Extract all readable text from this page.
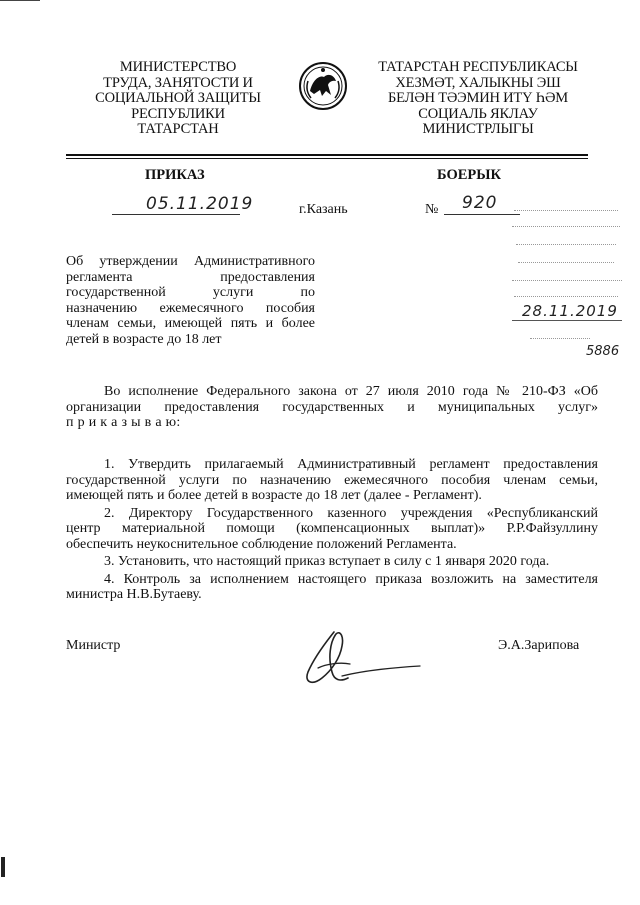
МИНИСТЕРСТВО
ТРУДА, ЗАНЯТОСТИ И
СОЦИАЛЬНОЙ ЗАЩИТЫ
РЕСПУБЛИКИ
ТАТАРСТАН
ТАТАРСТАН РЕСПУБЛИКАСЫ
ХЕЗМӘТ, ХАЛЫКНЫ ЭШ
БЕЛӘН ТӘЭМИН ИТҮ ҺӘМ
СОЦИАЛЬ ЯКЛАУ
МИНИСТРЛЫГЫ
ПРИКАЗ	БОЕРЫК
05.11.2019	г.Казань	№ 920
28.11.2019
5886
Об утверждении Административного
регламента предоставления
государственной услуги по
назначению ежемесячного пособия
членам семьи, имеющей пять и более
детей в возрасте до 18 лет
Во исполнение Федерального закона от 27 июля 2010 года № 210-ФЗ «Об
организации предоставления государственных и муниципальных услуг»
п р и к а з ы в а ю:
1. Утвердить прилагаемый Административный регламент предоставления
государственной услуги по назначению ежемесячного пособия членам семьи,
имеющей пять и более детей в возрасте до 18 лет (далее - Регламент).
2. Директору Государственного казенного учреждения «Республиканский
центр материальной помощи (компенсационных выплат)» Р.Р.Файзуллину
обеспечить неукоснительное соблюдение положений Регламента.
3. Установить, что настоящий приказ вступает в силу с 1 января 2020 года.
4. Контроль за исполнением настоящего приказа возложить на заместителя
министра Н.В.Бутаеву.
Министр	Э.А.Зарипова
